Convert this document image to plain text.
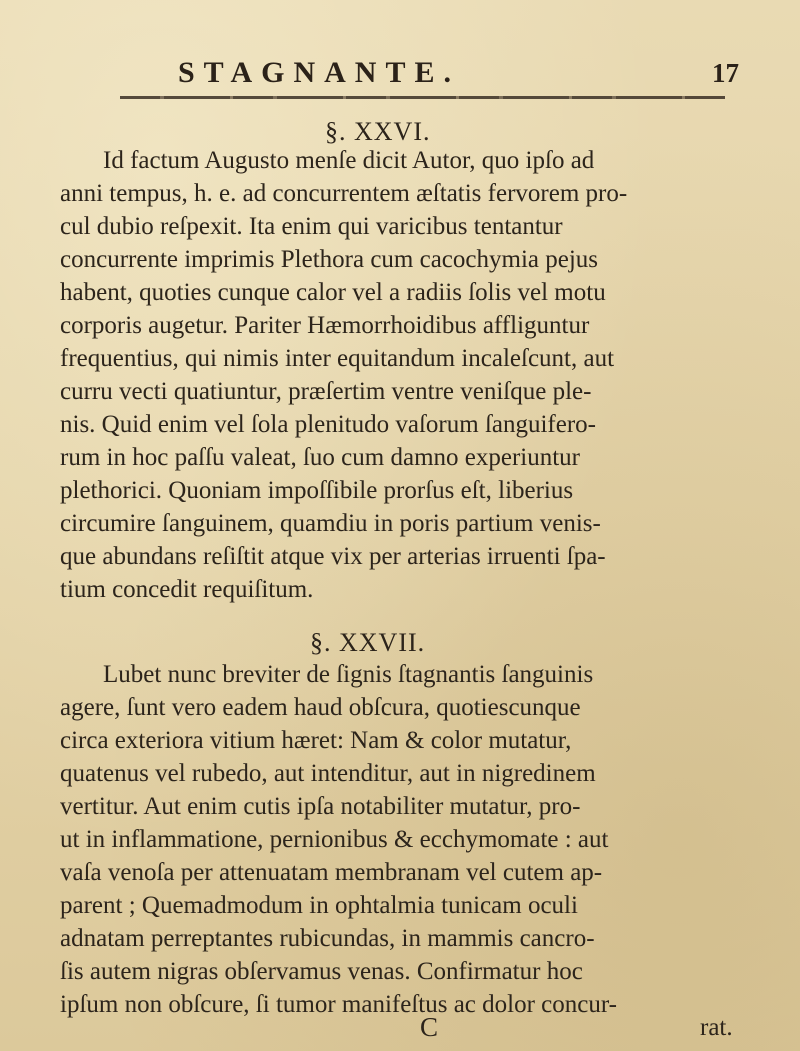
STAGNANTE.	17
§. XXVI.
Id factum Augusto menſe dicit Autor, quo ipſo ad
anni tempus, h. e. ad concurrentem æſtatis fervorem pro-
cul dubio reſpexit. Ita enim qui varicibus tentantur
concurrente imprimis Plethora cum cacochymia pejus
habent, quoties cunque calor vel a radiis ſolis vel motu
corporis augetur. Pariter Hæmorrhoidibus affliguntur
frequentius, qui nimis inter equitandum incaleſcunt, aut
curru vecti quatiuntur, præſertim ventre veniſque ple-
nis. Quid enim vel ſola plenitudo vaſorum ſanguifero-
rum in hoc paſſu valeat, ſuo cum damno experiuntur
plethorici. Quoniam impoſſibile prorſus eſt, liberius
circumire ſanguinem, quamdiu in poris partium venis-
que abundans reſiſtit atque vix per arterias irruenti ſpa-
tium concedit requiſitum.
§. XXVII.
Lubet nunc breviter de ſignis ſtagnantis ſanguinis
agere, ſunt vero eadem haud obſcura, quotiescunque
circa exteriora vitium hæret: Nam & color mutatur,
quatenus vel rubedo, aut intenditur, aut in nigredinem
vertitur. Aut enim cutis ipſa notabiliter mutatur, pro-
ut in inflammatione, pernionibus & ecchymomate : aut
vaſa venoſa per attenuatam membranam vel cutem ap-
parent ; Quemadmodum in ophtalmia tunicam oculi
adnatam perreptantes rubicundas, in mammis cancro-
ſis autem nigras obſervamus venas. Confirmatur hoc
ipſum non obſcure, ſi tumor manifeſtus ac dolor concur-
C	rat.
